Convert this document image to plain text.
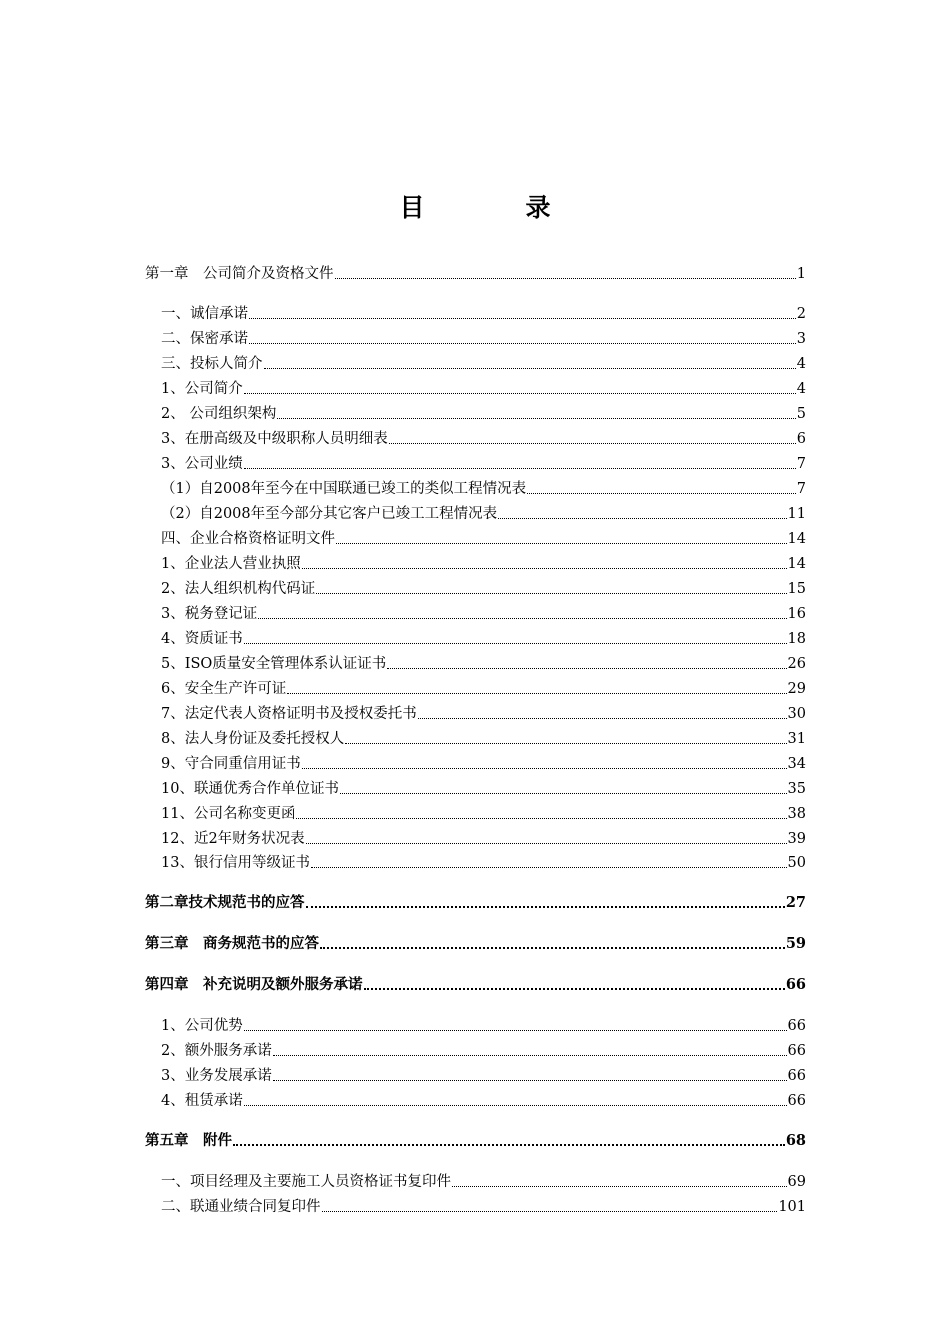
目　录
第一章　公司简介及资格文件	1
一、诚信承诺	2
二、保密承诺	3
三、投标人简介	4
1、公司简介	4
2、 公司组织架构	5
3、在册高级及中级职称人员明细表	6
3、公司业绩	7
（1）自2008年至今在中国联通已竣工的类似工程情况表	7
（2）自2008年至今部分其它客户已竣工工程情况表	11
四、企业合格资格证明文件	14
1、企业法人营业执照	14
2、法人组织机构代码证	15
3、税务登记证	16
4、资质证书	18
5、ISO质量安全管理体系认证证书	26
6、安全生产许可证	29
7、法定代表人资格证明书及授权委托书	30
8、法人身份证及委托授权人	31
9、守合同重信用证书	34
10、联通优秀合作单位证书	35
11、公司名称变更函	38
12、近2年财务状况表	39
13、银行信用等级证书	50
第二章技术规范书的应答	27
第三章　商务规范书的应答	59
第四章　补充说明及额外服务承诺	66
1、公司优势	66
2、额外服务承诺	66
3、业务发展承诺	66
4、租赁承诺	66
第五章　附件	68
一、项目经理及主要施工人员资格证书复印件	69
二、联通业绩合同复印件	101
